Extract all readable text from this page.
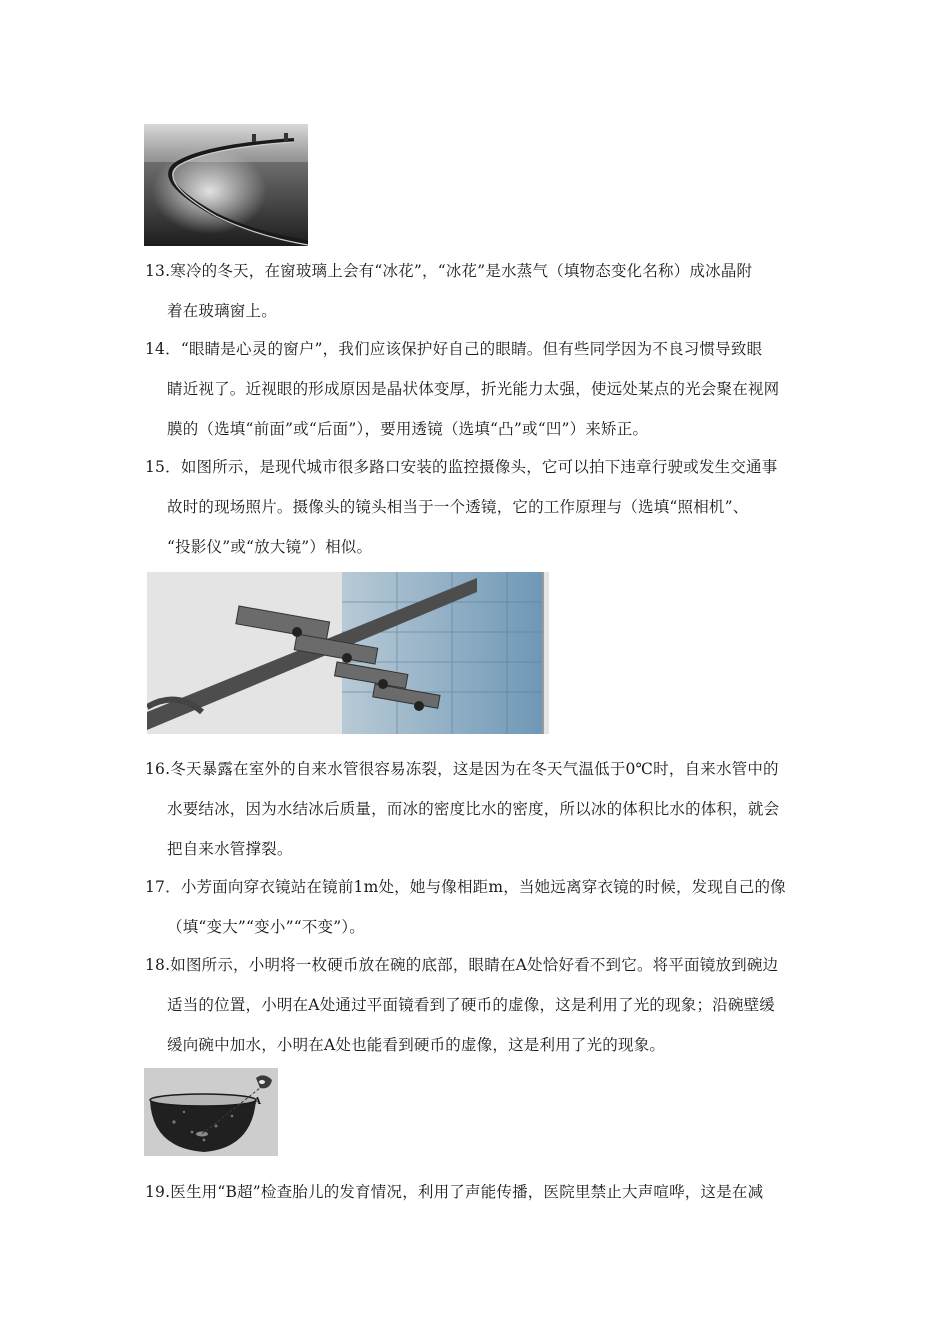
13.寒冷的冬天，在窗玻璃上会有“冰花”，“冰花”是水蒸气（填物态变化名称）成冰晶附
着在玻璃窗上。
14．“眼睛是心灵的窗户”，我们应该保护好自己的眼睛。但有些同学因为不良习惯导致眼
睛近视了。近视眼的形成原因是晶状体变厚，折光能力太强，使远处某点的光会聚在视网
膜的（选填“前面”或“后面”），要用透镜（选填“凸”或“凹”）来矫正。
15．如图所示，是现代城市很多路口安装的监控摄像头，它可以拍下违章行驶或发生交通事
故时的现场照片。摄像头的镜头相当于一个透镜，它的工作原理与（选填“照相机”、
“投影仪”或“放大镜”）相似。
16.冬天暴露在室外的自来水管很容易冻裂，这是因为在冬天气温低于0℃时，自来水管中的
水要结冰，因为水结冰后质量，而冰的密度比水的密度，所以冰的体积比水的体积，就会
把自来水管撑裂。
17．小芳面向穿衣镜站在镜前1m处，她与像相距m，当她远离穿衣镜的时候，发现自己的像
（填“变大”“变小”“不变”）。
18.如图所示，小明将一枚硬币放在碗的底部，眼睛在A处恰好看不到它。将平面镜放到碗边
适当的位置，小明在A处通过平面镜看到了硬币的虚像，这是利用了光的现象；沿碗壁缓
缓向碗中加水，小明在A处也能看到硬币的虚像，这是利用了光的现象。
A
19.医生用“B超”检查胎儿的发育情况，利用了声能传播，医院里禁止大声喧哗，这是在减
